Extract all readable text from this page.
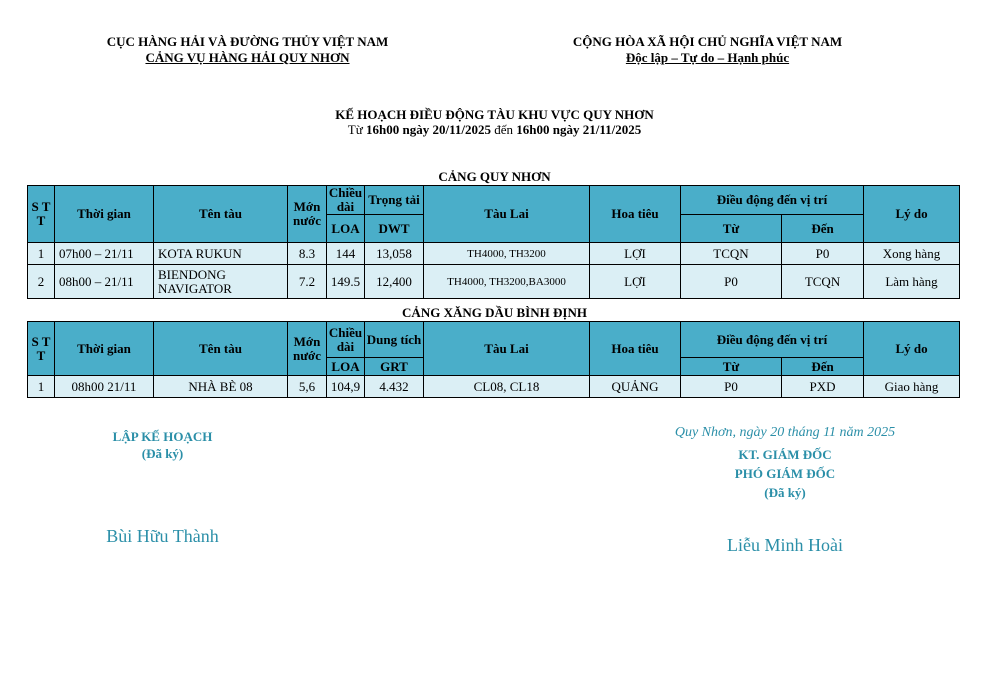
CỤC HÀNG HẢI VÀ ĐƯỜNG THỦY VIỆT NAM
CẢNG VỤ HÀNG HẢI QUY NHƠN
CỘNG HÒA XÃ HỘI CHỦ NGHĨA VIỆT NAM
Độc lập – Tự do – Hạnh phúc
KẾ HOẠCH ĐIỀU ĐỘNG TÀU KHU VỰC QUY NHƠN
Từ 16h00 ngày 20/11/2025 đến 16h00 ngày 21/11/2025
CẢNG QUY NHƠN
S T T	Thời gian	Tên tàu	Mớn nước	Chiều dài	Trọng tải	Tàu Lai	Hoa tiêu	Điều động đến vị trí		Lý do
				LOA	DWT			Từ	Đến	
1	07h00 – 21/11	KOTA RUKUN	8.3	144	13,058	TH4000, TH3200	LỢI	TCQN	P0	Xong hàng
2	08h00 – 21/11	BIENDONG NAVIGATOR	7.2	149.5	12,400	TH4000, TH3200,BA3000	LỢI	P0	TCQN	Làm hàng
CẢNG XĂNG DẦU BÌNH ĐỊNH
S T T	Thời gian	Tên tàu	Mớn nước	Chiều dài	Dung tích	Tàu Lai	Hoa tiêu	Điều động đến vị trí		Lý do
				LOA	GRT			Từ	Đến	
1	08h00 21/11	NHÀ BÈ 08	5,6	104,9	4.432	CL08, CL18	QUẢNG	P0	PXD	Giao hàng
LẬP KẾ HOẠCH
(Đã ký)
Bùi Hữu Thành
Quy Nhơn, ngày 20 tháng 11 năm 2025
KT. GIÁM ĐỐC
PHÓ GIÁM ĐỐC
(Đã ký)
Liễu Minh Hoài
